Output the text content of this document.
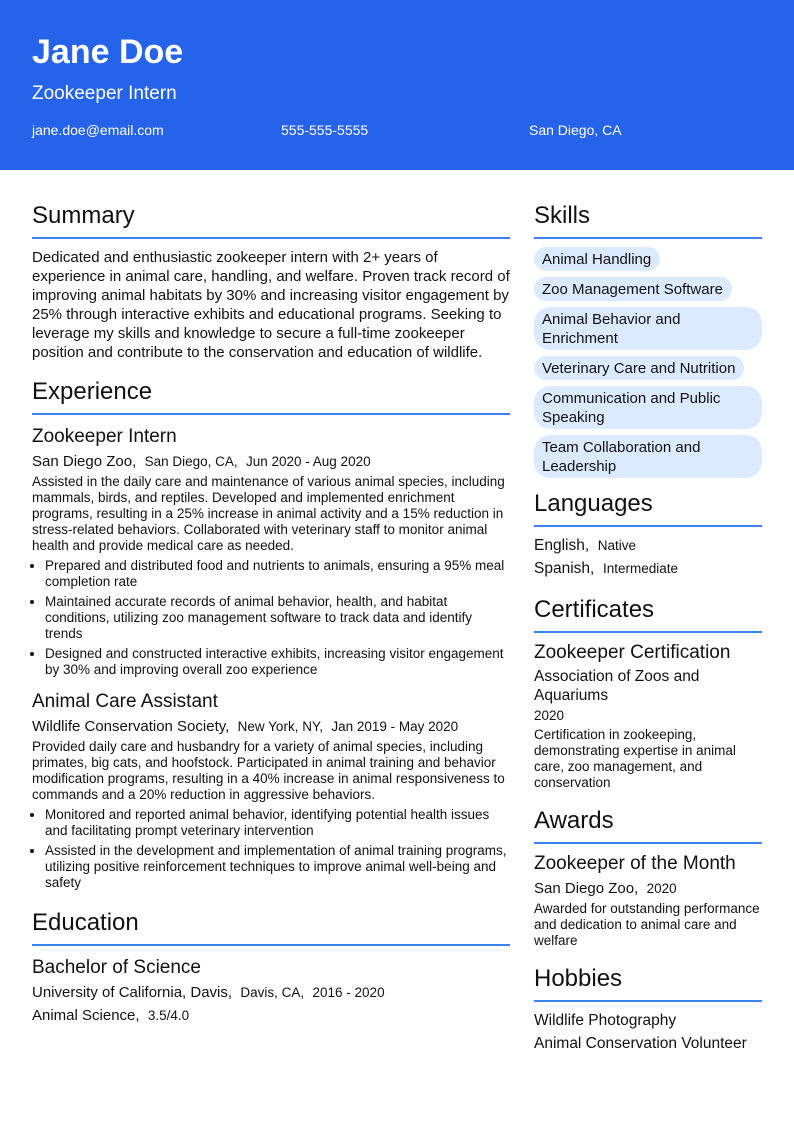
Jane Doe
Zookeeper Intern
jane.doe@email.com	555-555-5555	San Diego, CA
Summary

Dedicated and enthusiastic zookeeper intern with 2+ years of experience in animal care, handling, and welfare. Proven track record of improving animal habitats by 30% and increasing visitor engagement by 25% through interactive exhibits and educational programs. Seeking to leverage my skills and knowledge to secure a full-time zookeeper position and contribute to the conservation and education of wildlife.

Experience
Zookeeper Intern
San Diego Zoo, San Diego, CA, Jun 2020 - Aug 2020
Assisted in the daily care and maintenance of various animal species, including mammals, birds, and reptiles. Developed and implemented enrichment programs, resulting in a 25% increase in animal activity and a 15% reduction in stress-related behaviors. Collaborated with veterinary staff to monitor animal health and provide medical care as needed.
• Prepared and distributed food and nutrients to animals, ensuring a 95% meal completion rate
• Maintained accurate records of animal behavior, health, and habitat conditions, utilizing zoo management software to track data and identify trends
• Designed and constructed interactive exhibits, increasing visitor engagement by 30% and improving overall zoo experience
Animal Care Assistant
Wildlife Conservation Society, New York, NY, Jan 2019 - May 2020
Provided daily care and husbandry for a variety of animal species, including primates, big cats, and hoofstock. Participated in animal training and behavior modification programs, resulting in a 40% increase in animal responsiveness to commands and a 20% reduction in aggressive behaviors.
• Monitored and reported animal behavior, identifying potential health issues and facilitating prompt veterinary intervention
• Assisted in the development and implementation of animal training programs, utilizing positive reinforcement techniques to improve animal well-being and safety
Education
Bachelor of Science
University of California, Davis, Davis, CA, 2016 - 2020
Animal Science, 3.5/4.0
Skills
Animal Handling
Zoo Management Software
Animal Behavior and Enrichment
Veterinary Care and Nutrition
Communication and Public Speaking
Team Collaboration and Leadership
Languages
English, Native
Spanish, Intermediate
Certificates
Zookeeper Certification
Association of Zoos and Aquariums
2020
Certification in zookeeping, demonstrating expertise in animal care, zoo management, and conservation
Awards
Zookeeper of the Month
San Diego Zoo, 2020
Awarded for outstanding performance and dedication to animal care and welfare
Hobbies
Wildlife Photography
Animal Conservation Volunteer
